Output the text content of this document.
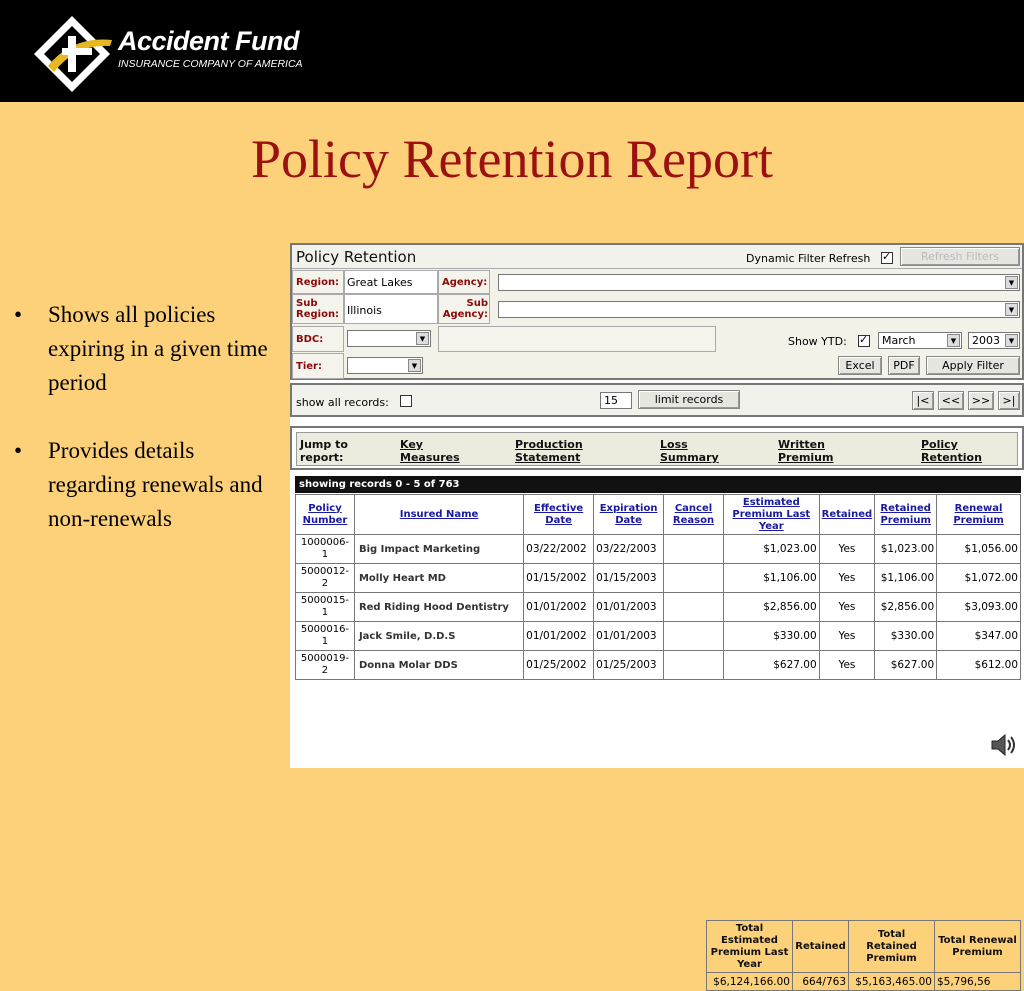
Accident Fund
INSURANCE COMPANY OF AMERICA
Policy Retention Report
• Shows all policies expiring in a given time period
• Provides details regarding renewals and non-renewals
Policy Retention	Dynamic Filter Refresh ✓	Refresh Filters
Region: Great Lakes	Agency:	▼
Sub Region: Illinois
Sub Agency:	▼
BDC:	▼	Show YTD: ✓	March	▼	2003	▼
Tier:	▼	Excel	PDF	Apply Filter
show all records:	15	limit records	|<	<<	>>	>|
Jump to report:
Key Measures
Production Statement
Loss Summary
Written Premium
Policy Retention
showing records 0 - 5 of 763
Policy Number	Insured Name	Effective Date	Expiration Date	Cancel Reason	Estimated Premium Last Year	Retained	Retained Premium	Renewal Premium
1000006-1	Big Impact Marketing	03/22/2002	03/22/2003		$1,023.00	Yes	$1,023.00	$1,056.00
5000012-2	Molly Heart MD	01/15/2002	01/15/2003		$1,106.00	Yes	$1,106.00	$1,072.00
5000015-1	Red Riding Hood Dentistry	01/01/2002	01/01/2003		$2,856.00	Yes	$2,856.00	$3,093.00
5000016-1	Jack Smile, D.D.S	01/01/2002	01/01/2003		$330.00	Yes	$330.00	$347.00
5000019-2	Donna Molar DDS	01/25/2002	01/25/2003		$627.00	Yes	$627.00	$612.00
Total Estimated Premium Last Year	Retained	Total Retained Premium	Total Renewal Premium
$6,124,166.00	664/763	$5,163,465.00	$5,796,56
